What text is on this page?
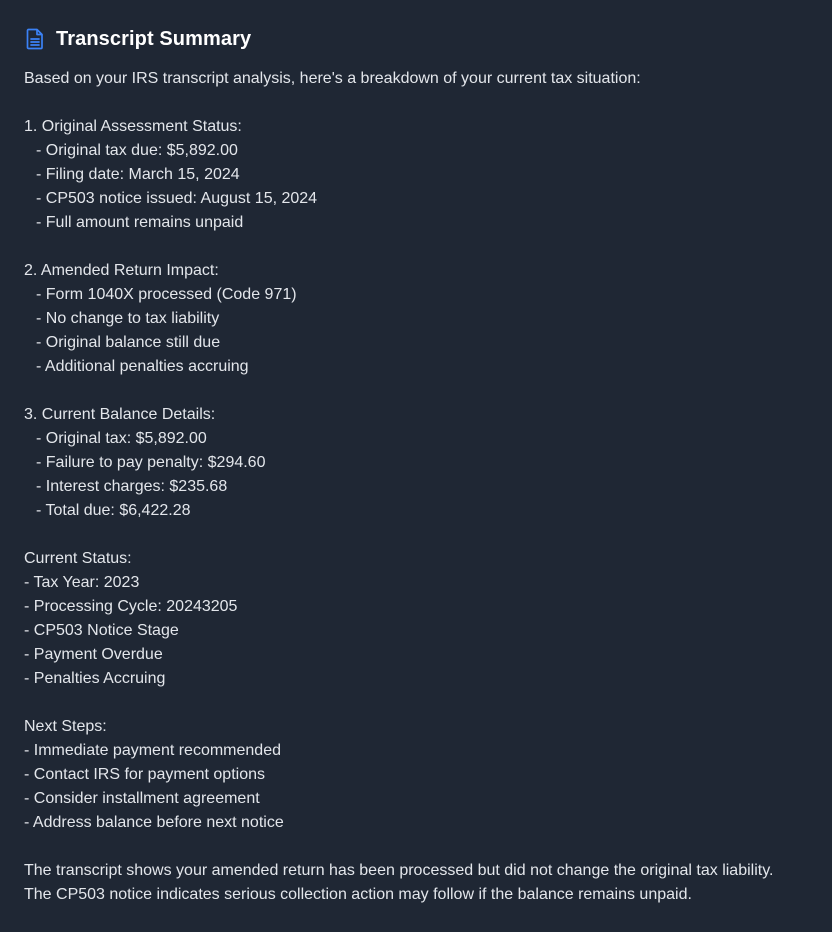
Transcript Summary
Based on your IRS transcript analysis, here's a breakdown of your current tax situation:
1. Original Assessment Status:
- Original tax due: $5,892.00
- Filing date: March 15, 2024
- CP503 notice issued: August 15, 2024
- Full amount remains unpaid
2. Amended Return Impact:
- Form 1040X processed (Code 971)
- No change to tax liability
- Original balance still due
- Additional penalties accruing
3. Current Balance Details:
- Original tax: $5,892.00
- Failure to pay penalty: $294.60
- Interest charges: $235.68
- Total due: $6,422.28
Current Status:
- Tax Year: 2023
- Processing Cycle: 20243205
- CP503 Notice Stage
- Payment Overdue
- Penalties Accruing
Next Steps:
- Immediate payment recommended
- Contact IRS for payment options
- Consider installment agreement
- Address balance before next notice
The transcript shows your amended return has been processed but did not change the original tax liability.
The CP503 notice indicates serious collection action may follow if the balance remains unpaid.
